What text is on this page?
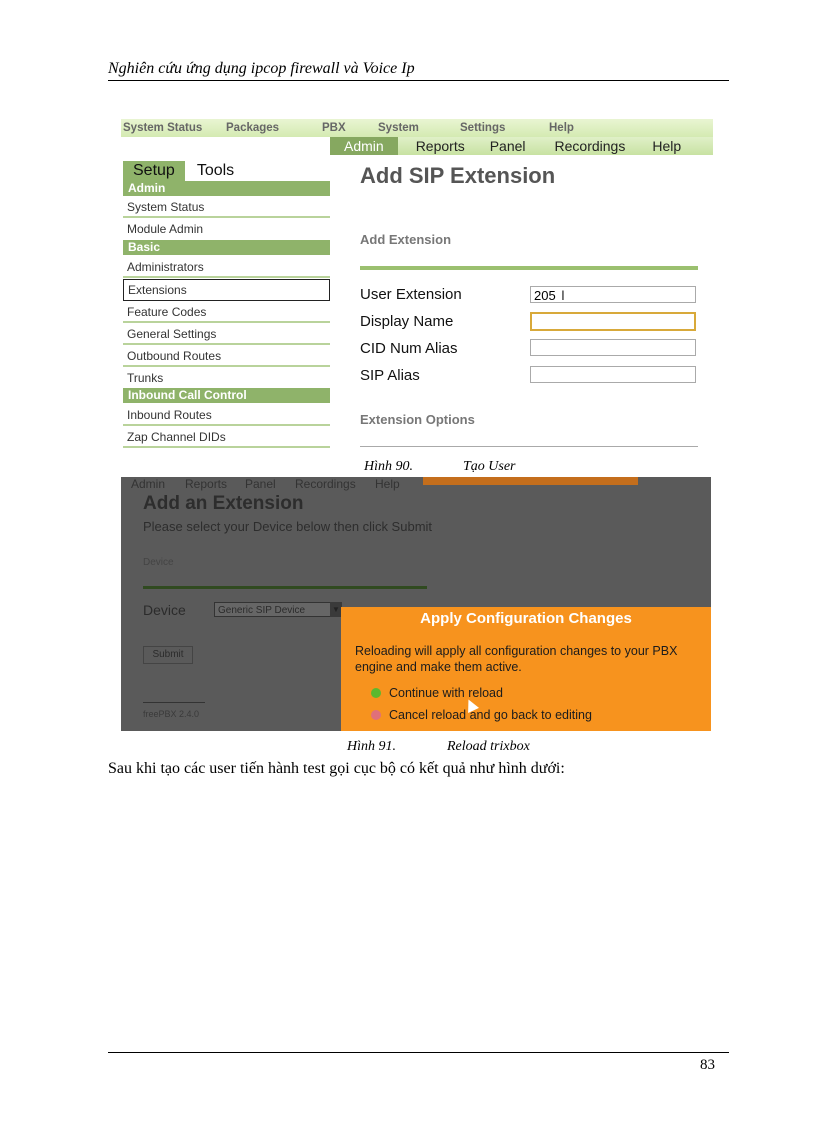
Nghiên cứu ứng dụng ipcop firewall và Voice Ip
System Status	Packages	PBX	System	Settings	Help
Admin	Reports Panel Recordings Help
Setup	Tools
Admin
System Status
Module Admin
Basic
Administrators
Extensions
Feature Codes
General Settings
Outbound Routes
Trunks
Inbound Call Control
Inbound Routes
Zap Channel DIDs
Add SIP Extension
Add Extension
User Extension	205 I
Display Name
CID Num Alias
SIP Alias
Extension Options
Hình 90.	Tạo User
Admin Reports Panel Recordings Help
Add an Extension
Please select your Device below then click Submit
Device
Device	Generic SIP Device	▼
Submit
freePBX 2.4.0
Apply Configuration Changes
Reloading will apply all configuration changes to your PBX engine and make them active.
Continue with reload
Cancel reload and go back to editing
Hình 91.	Reload trixbox
Sau khi tạo các user tiến hành test gọi cục bộ có kết quả như hình dưới:
83
